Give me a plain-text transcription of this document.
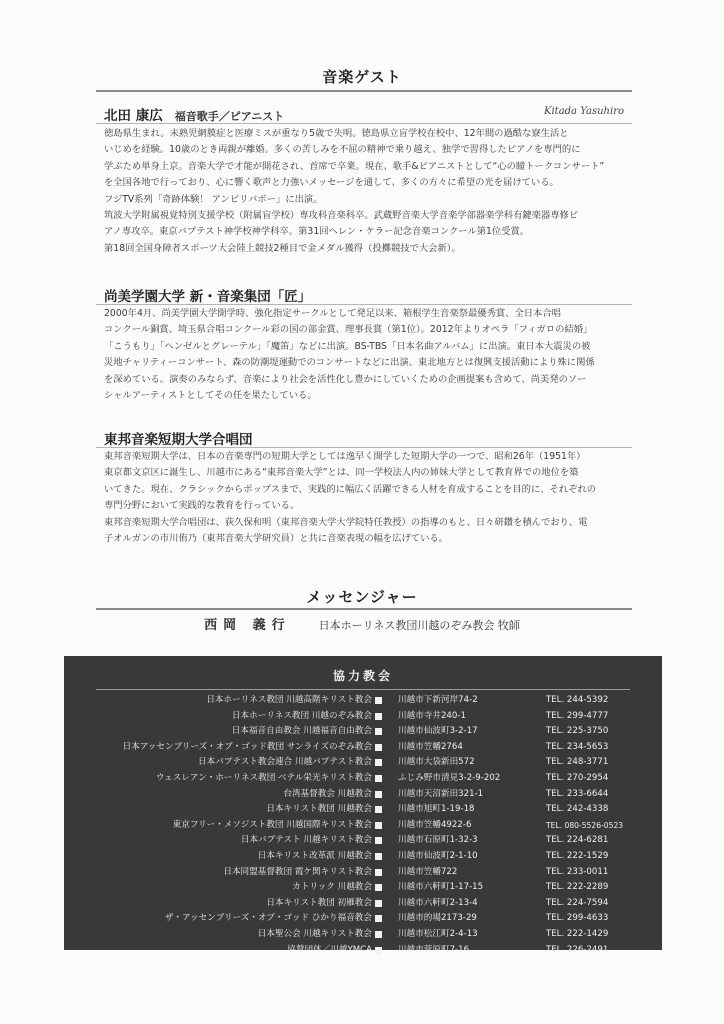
音楽ゲスト
北田 康広 福音歌手／ピアニスト	Kitada Yasuhiro

徳島県生まれ。未熟児網膜症と医療ミスが重なり5歳で失明。徳島県立盲学校在校中、12年間の過酷な寮生活と

いじめを経験。10歳のとき両親が離婚。多くの苦しみを不屈の精神で乗り越え、独学で習得したピアノを専門的に

学ぶため単身上京。音楽大学で才能が開花され、首席で卒業。現在、歌手&ピアニストとして“心の瞳トークコンサート”

を全国各地で行っており、心に響く歌声と力強いメッセージを通して、多くの方々に希望の光を届けている。

フジTV系列「奇跡体験！ アンビリバボー」に出演。

筑波大学附属視覚特別支援学校（附属盲学校）専攻科音楽科卒。武蔵野音楽大学音楽学部器楽学科有鍵楽器専修ピ

アノ専攻卒。東京バプテスト神学校神学科卒。第31回ヘレン・ケラー記念音楽コンクール第1位受賞。

第18回全国身障者スポーツ大会陸上競技2種目で金メダル獲得（投擲競技で大会新）。

尚美学園大学 新・音楽集団「匠」

2000年4月、尚美学園大学開学時、強化指定サークルとして発足以来、箱根学生音楽祭最優秀賞、全日本合唱

コンクール銅賞、埼玉県合唱コンクール彩の国の部金賞、理事長賞（第1位）。2012年よりオペラ「フィガロの結婚」

「こうもり」「ヘンゼルとグレーテル」「魔笛」などに出演。BS-TBS「日本名曲アルバム」に出演。東日本大震災の被

災地チャリティーコンサート、森の防潮堤運動でのコンサートなどに出演、東北地方とは復興支援活動により殊に関係

を深めている。演奏のみならず、音楽により社会を活性化し豊かにしていくための企画提案も含めて、尚美発のソー

シャルアーティストとしてその任を果たしている。

東邦音楽短期大学合唱団

東邦音楽短期大学は、日本の音楽専門の短期大学としては逸早く開学した短期大学の一つで、昭和26年（1951年）

東京都文京区に誕生し、川越市にある“東邦音楽大学”とは、同一学校法人内の姉妹大学として教育界での地位を築

いてきた。現在、クラシックからポップスまで、実践的に幅広く活躍できる人材を育成することを目的に、それぞれの

専門分野において実践的な教育を行っている。

東邦音楽短期大学合唱団は、荻久保和明（東邦音楽大学大学院特任教授）の指導のもと、日々研鑽を積んでおり、電

子オルガンの市川侑乃（東邦音楽大学研究員）と共に音楽表現の幅を広げている。

メッセンジャー
西岡 義行	日本ホーリネス教団川越のぞみ教会 牧師
協力教会
日本ホーリネス教団 川越高階キリスト教会	川越市下新河岸74-2	TEL. 244-5392
日本ホーリネス教団 川越のぞみ教会	川越市寺井240-1	TEL. 299-4777
日本福音自由教会 川越福音自由教会	川越市仙波町3-2-17	TEL. 225-3750
日本アッセンブリーズ・オブ・ゴッド教団 サンライズのぞみ教会	川越市笠幡2764	TEL. 234-5653
日本バプテスト教会連合 川越バプテスト教会	川越市大袋新田572	TEL. 248-3771
ウェスレアン・ホーリネス教団 ベテル栄光キリスト教会	ふじみ野市清見3-2-9-202	TEL. 270-2954
台湾基督教会 川越教会	川越市天沼新田321-1	TEL. 233-6644
日本キリスト教団 川越教会	川越市旭町1-19-18	TEL. 242-4338
東京フリー・メソジスト教団 川越国際キリスト教会	川越市笠幡4922-6	TEL. 080-5526-0523
日本バプテスト 川越キリスト教会	川越市石原町1-32-3	TEL. 224-6281
日本キリスト改革派 川越教会	川越市仙波町2-1-10	TEL. 222-1529
日本同盟基督教団 霞ケ関キリスト教会	川越市笠幡722	TEL. 233-0011
カトリック 川越教会	川越市六軒町1-17-15	TEL. 222-2289
日本キリスト教団 初雁教会	川越市六軒町2-13-4	TEL. 224-7594
ザ・アッセンブリーズ・オブ・ゴッド ひかり福音教会	川越市的場2173-29	TEL. 299-4633
日本聖公会 川越キリスト教会	川越市松江町2-4-13	TEL. 222-1429
協賛団体／川越YMCA	川越市菅原町7-16	TEL. 226-2491
